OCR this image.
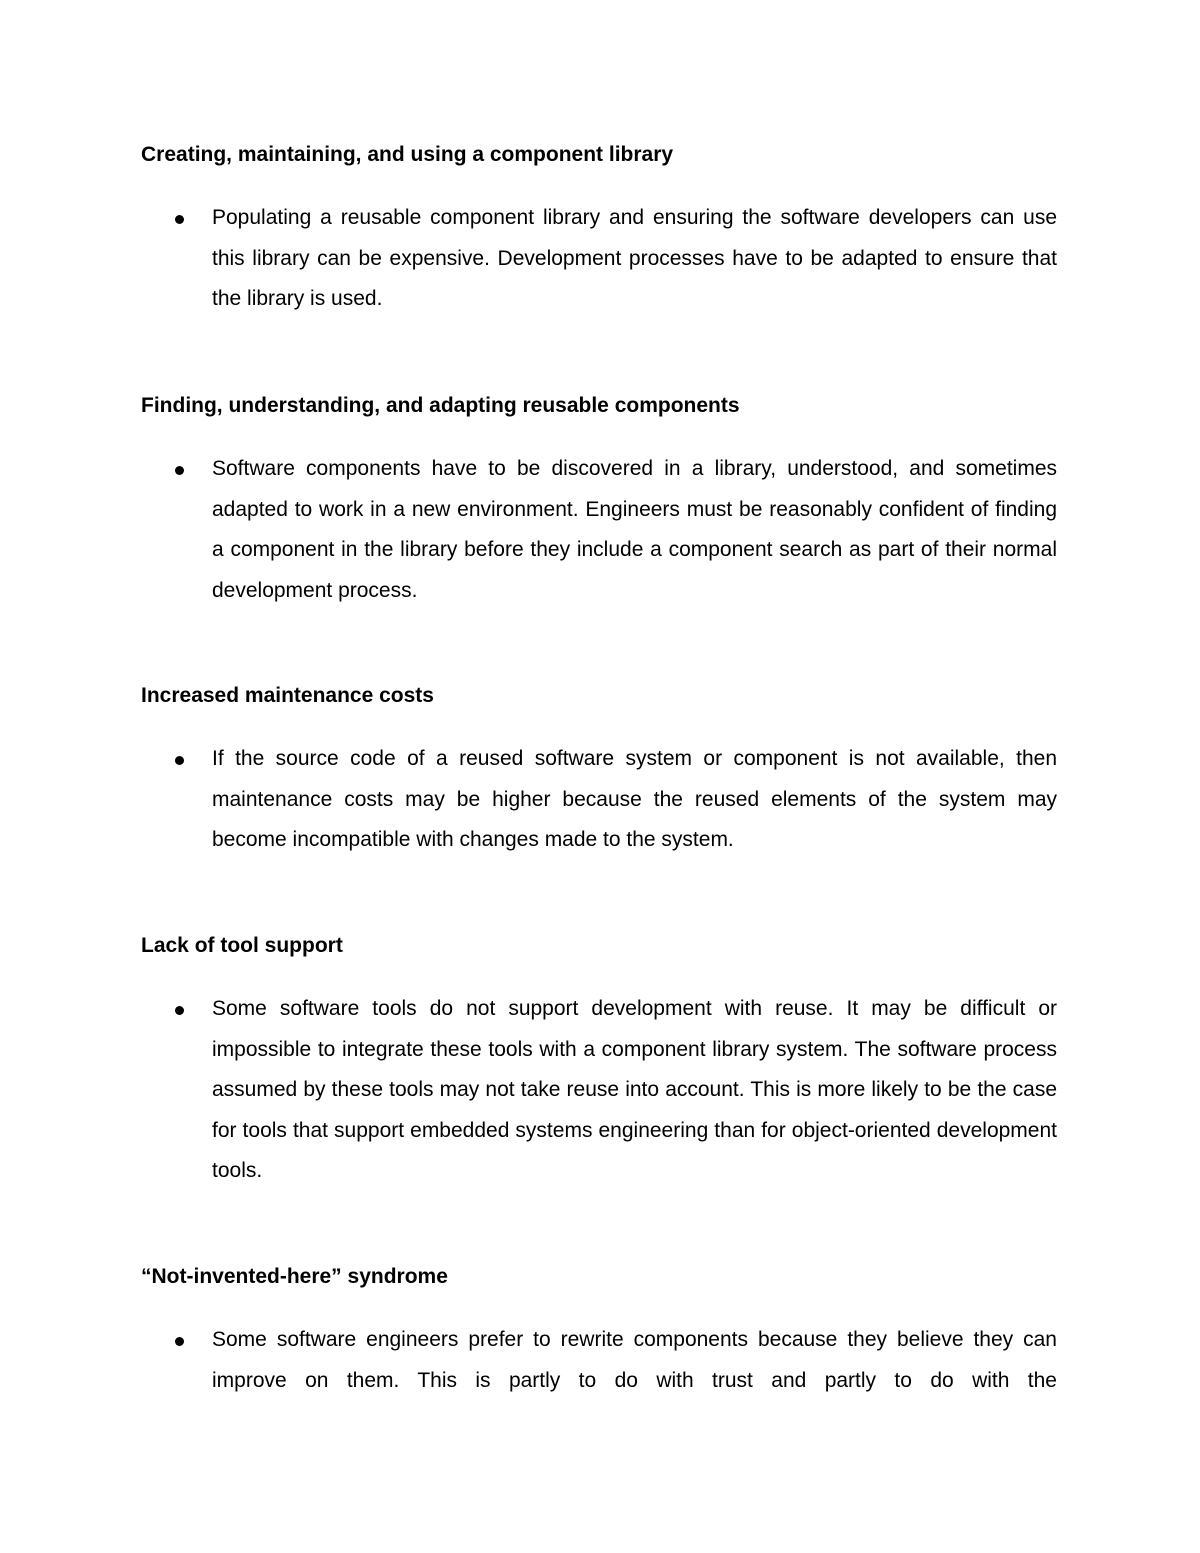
Creating, maintaining, and using a component library

Populating a reusable component library and ensuring the software developers can use this library can be expensive. Development processes have to be adapted to ensure that the library is used.

Finding, understanding, and adapting reusable components

Software components have to be discovered in a library, understood, and sometimes adapted to work in a new environment. Engineers must be reasonably confident of finding a component in the library before they include a component search as part of their normal development process.

Increased maintenance costs

If the source code of a reused software system or component is not available, then maintenance costs may be higher because the reused elements of the system may become incompatible with changes made to the system.

Lack of tool support

Some software tools do not support development with reuse. It may be difficult or impossible to integrate these tools with a component library system. The software process assumed by these tools may not take reuse into account. This is more likely to be the case for tools that support embedded systems engineering than for object-oriented development tools.

“Not-invented-here” syndrome

Some software engineers prefer to rewrite components because they believe they can improve on them. This is partly to do with trust and partly to do with the
